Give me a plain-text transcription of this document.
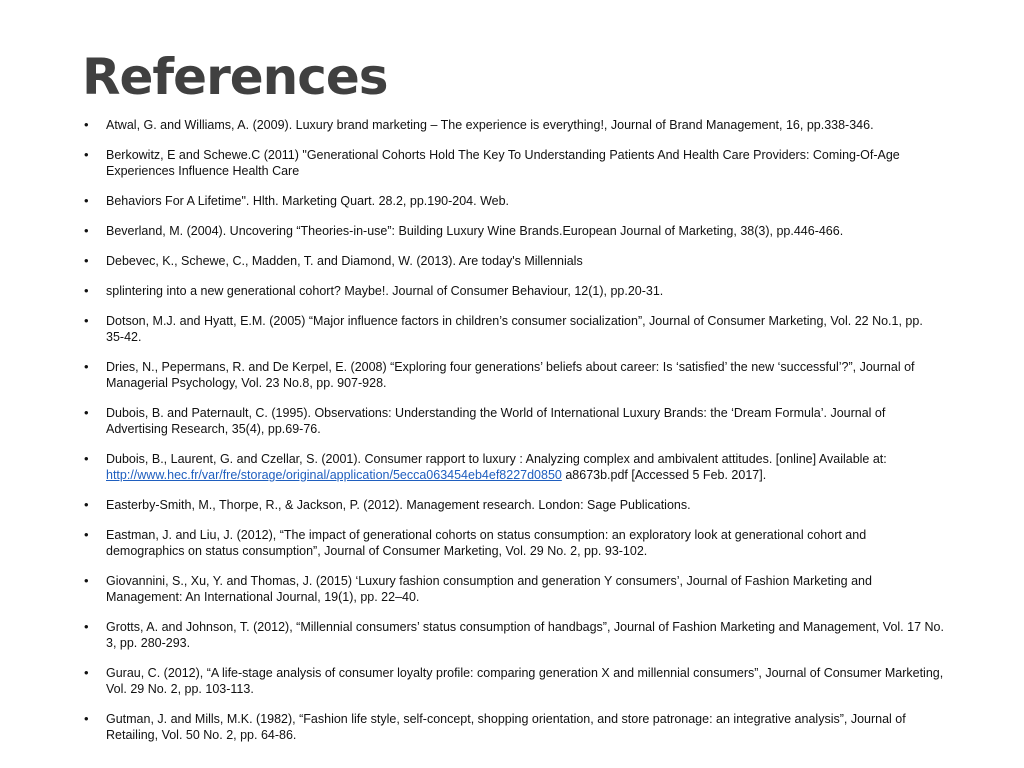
References
• Atwal, G. and Williams, A. (2009). Luxury brand marketing – The experience is everything!, Journal of Brand Management, 16, pp.338-346.
• Berkowitz, E and Schewe.C (2011) "Generational Cohorts Hold The Key To Understanding Patients And Health Care Providers: Coming-Of-Age Experiences Influence Health Care
• Behaviors For A Lifetime". Hlth. Marketing Quart. 28.2, pp.190-204. Web.
• Beverland, M. (2004). Uncovering “Theories-in-use”: Building Luxury Wine Brands.European Journal of Marketing, 38(3), pp.446-466.
• Debevec, K., Schewe, C., Madden, T. and Diamond, W. (2013). Are today's Millennials
• splintering into a new generational cohort? Maybe!. Journal of Consumer Behaviour, 12(1), pp.20-31.
• Dotson, M.J. and Hyatt, E.M. (2005) “Major influence factors in children’s consumer socialization”, Journal of Consumer Marketing, Vol. 22 No.1, pp. 35-42.
• Dries, N., Pepermans, R. and De Kerpel, E. (2008) “Exploring four generations’ beliefs about career: Is ‘satisfied’ the new ‘successful’?”, Journal of Managerial Psychology, Vol. 23 No.8, pp. 907-928.
• Dubois, B. and Paternault, C. (1995). Observations: Understanding the World of International Luxury Brands: the ‘Dream Formula’. Journal of Advertising Research, 35(4), pp.69-76.
• Dubois, B., Laurent, G. and Czellar, S. (2001). Consumer rapport to luxury : Analyzing complex and ambivalent attitudes. [online] Available at: http://www.hec.fr/var/fre/storage/original/application/5ecca063454eb4ef8227d0850 a8673b.pdf [Accessed 5 Feb. 2017].
• Easterby-Smith, M., Thorpe, R., & Jackson, P. (2012). Management research. London: Sage Publications.
• Eastman, J. and Liu, J. (2012), “The impact of generational cohorts on status consumption: an exploratory look at generational cohort and demographics on status consumption”, Journal of Consumer Marketing, Vol. 29 No. 2, pp. 93-102.
• Giovannini, S., Xu, Y. and Thomas, J. (2015) ‘Luxury fashion consumption and generation Y consumers’, Journal of Fashion Marketing and Management: An International Journal, 19(1), pp. 22–40.
• Grotts, A. and Johnson, T. (2012), “Millennial consumers’ status consumption of handbags”, Journal of Fashion Marketing and Management, Vol. 17 No. 3, pp. 280-293.
• Gurau, C. (2012), “A life-stage analysis of consumer loyalty profile: comparing generation X and millennial consumers”, Journal of Consumer Marketing, Vol. 29 No. 2, pp. 103-113.
• Gutman, J. and Mills, M.K. (1982), “Fashion life style, self-concept, shopping orientation, and store patronage: an integrative analysis”, Journal of Retailing, Vol. 50 No. 2, pp. 64-86.
